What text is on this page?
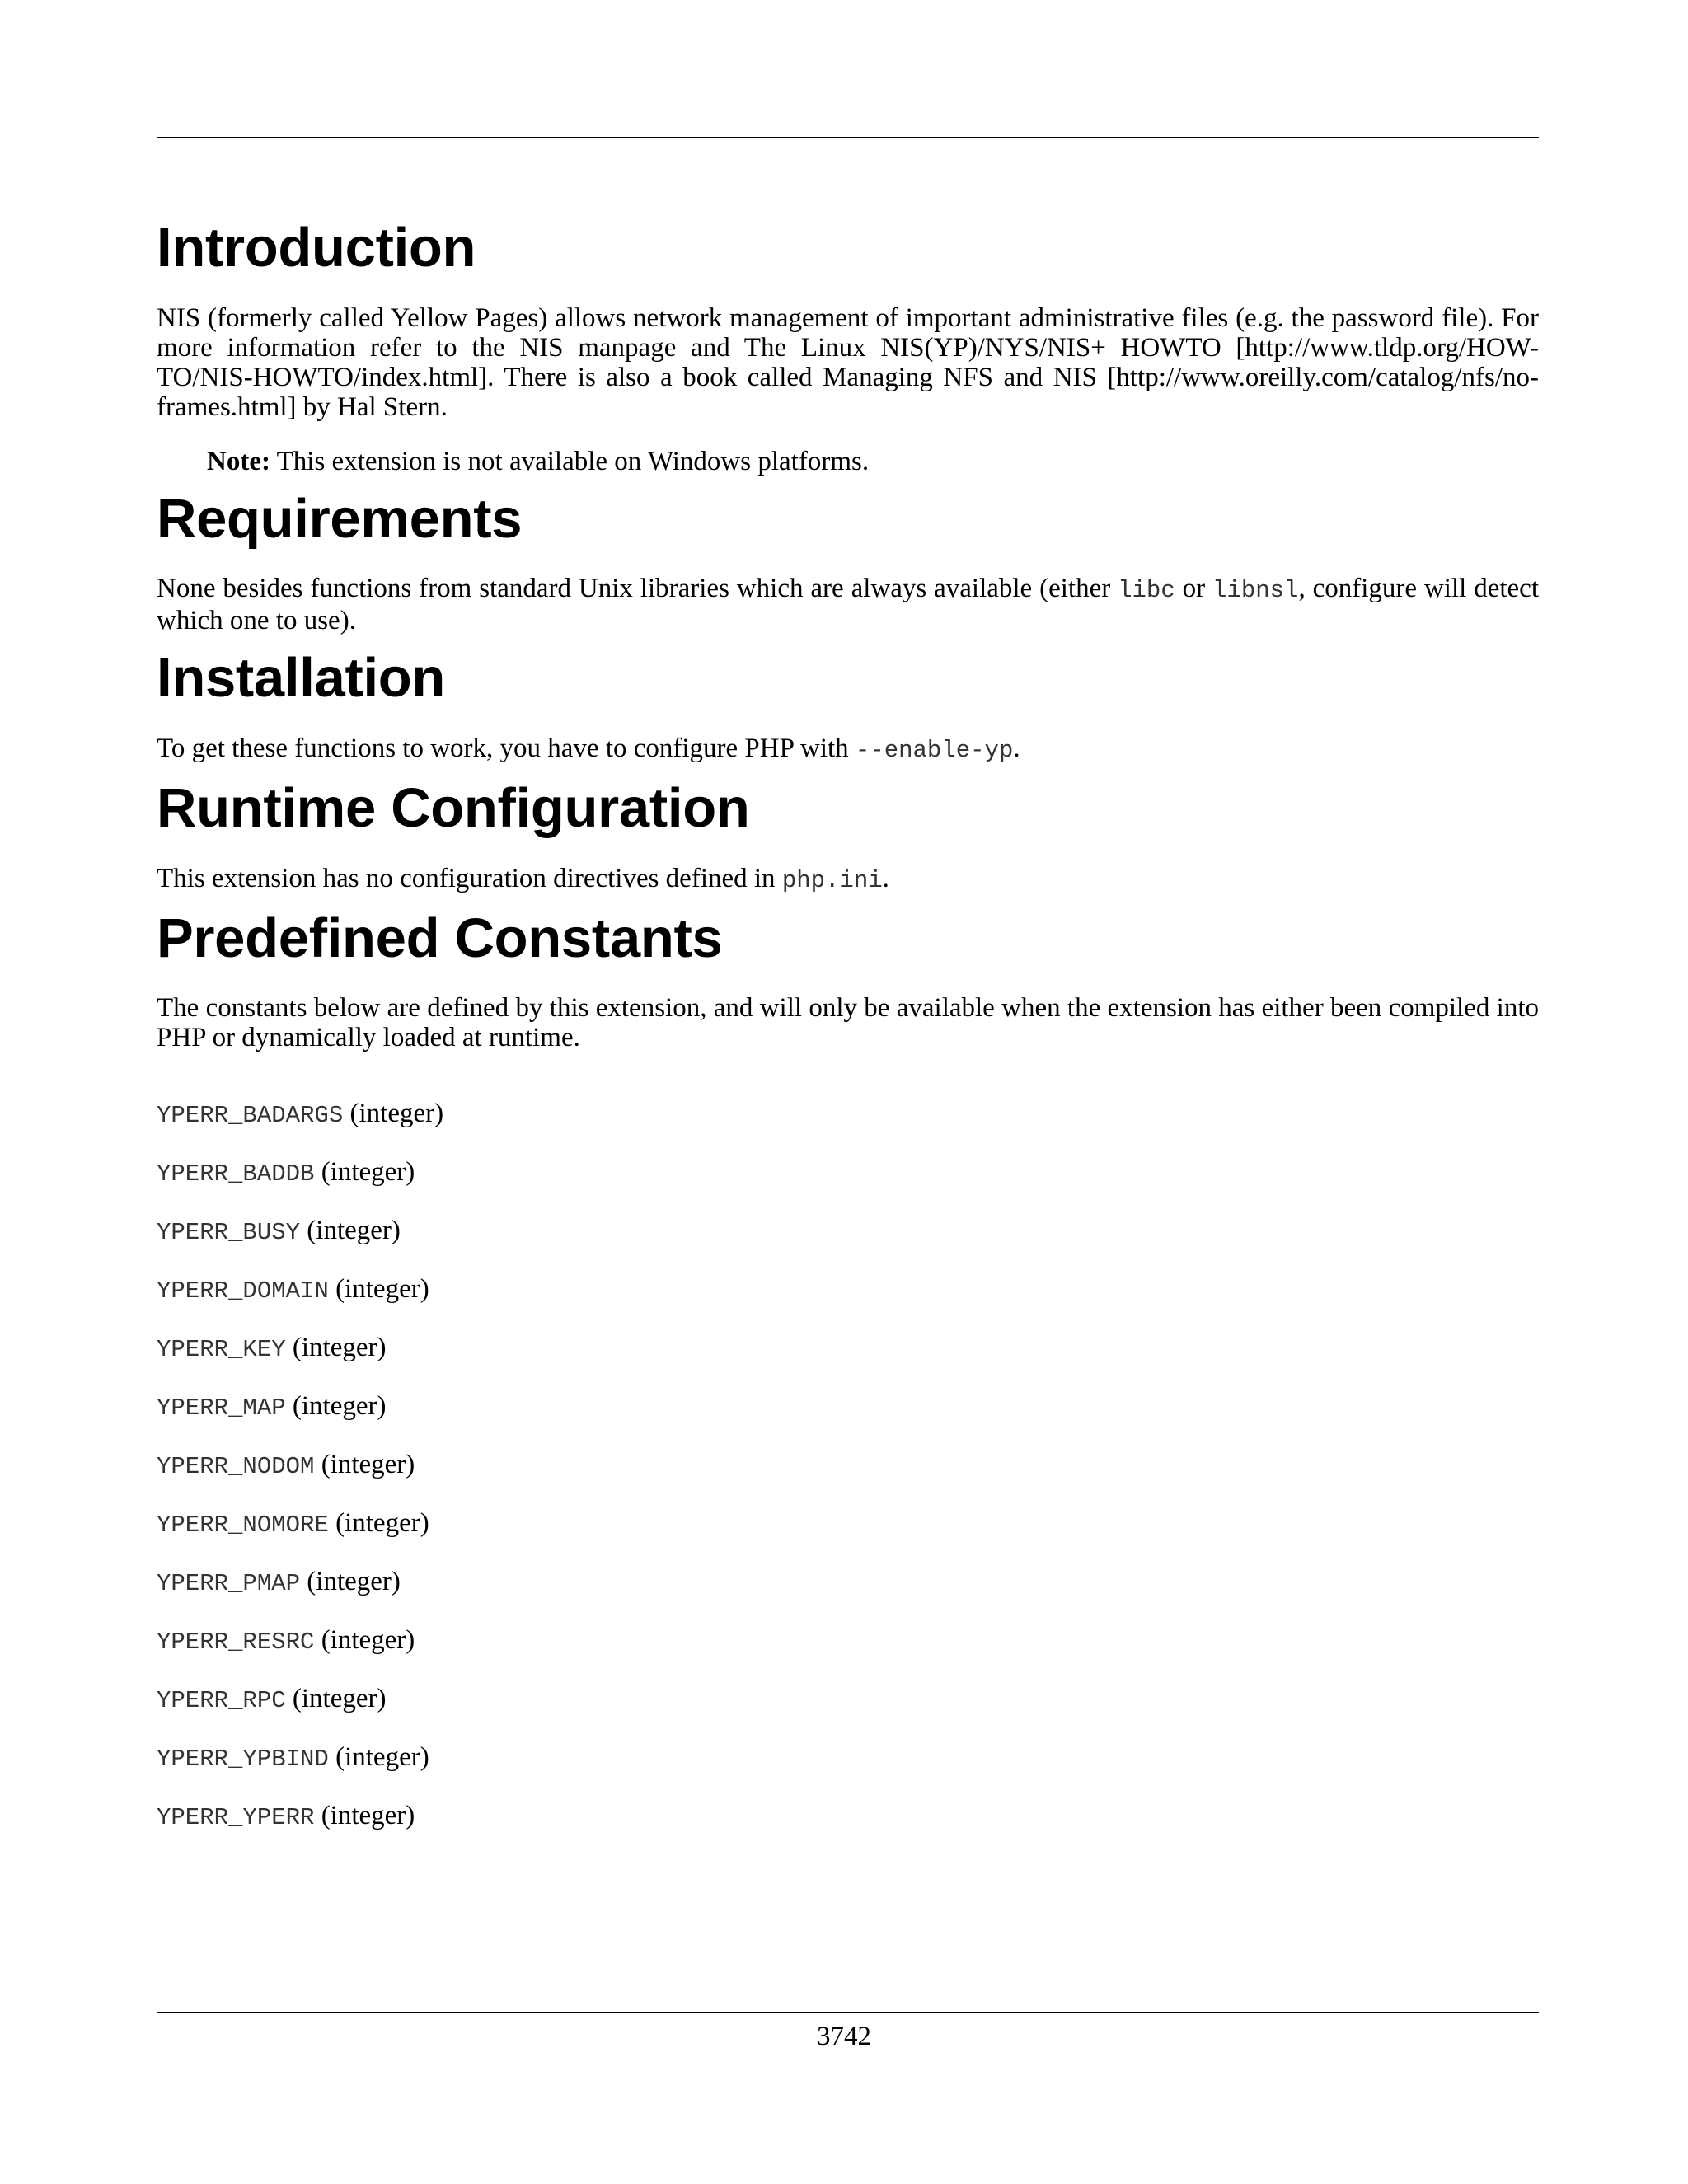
Introduction

NIS (formerly called Yellow Pages) allows network management of important administrative files (e.g. the password file). For more information refer to the NIS manpage and The Linux NIS(YP)/NYS/NIS+ HOWTO [http://www.tldp.org/HOW-TO/NIS-HOWTO/index.html]. There is also a book called Managing NFS and NIS [http://www.oreilly.com/catalog/nfs/no-frames.html] by Hal Stern.

Note: This extension is not available on Windows platforms.

Requirements

None besides functions from standard Unix libraries which are always available (either libc or libnsl, configure will detect which one to use).

Installation

To get these functions to work, you have to configure PHP with --enable-yp.

Runtime Configuration

This extension has no configuration directives defined in php.ini.

Predefined Constants

The constants below are defined by this extension, and will only be available when the extension has either been compiled into PHP or dynamically loaded at runtime.

YPERR_BADARGS (integer)
YPERR_BADDB (integer)
YPERR_BUSY (integer)
YPERR_DOMAIN (integer)
YPERR_KEY (integer)
YPERR_MAP (integer)
YPERR_NODOM (integer)
YPERR_NOMORE (integer)
YPERR_PMAP (integer)
YPERR_RESRC (integer)
YPERR_RPC (integer)
YPERR_YPBIND (integer)
YPERR_YPERR (integer)
3742
